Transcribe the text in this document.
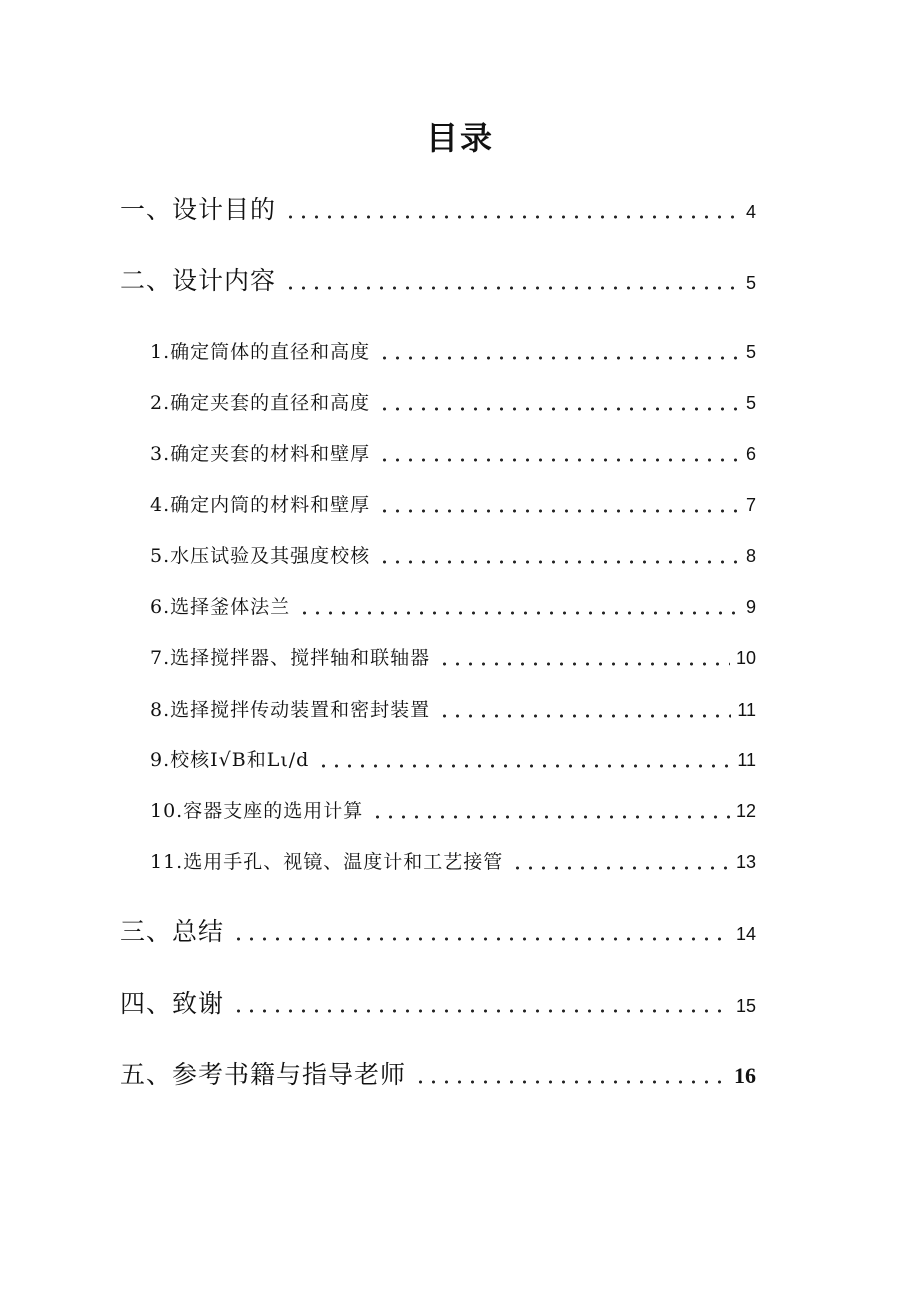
目录
一、设计目的	4
二、设计内容	5
1.确定筒体的直径和高度	5
2.确定夹套的直径和高度	5
3.确定夹套的材料和壁厚	6
4.确定内筒的材料和壁厚	7
5.水压试验及其强度校核	8
6.选择釜体法兰	9
7.选择搅拌器、搅拌轴和联轴器	10
8.选择搅拌传动装置和密封装置	11
9.校核I√B和Lι/d	11
10.容器支座的选用计算	12
11.选用手孔、视镜、温度计和工艺接管	13
三、总结	14
四、致谢	15
五、参考书籍与指导老师	16
